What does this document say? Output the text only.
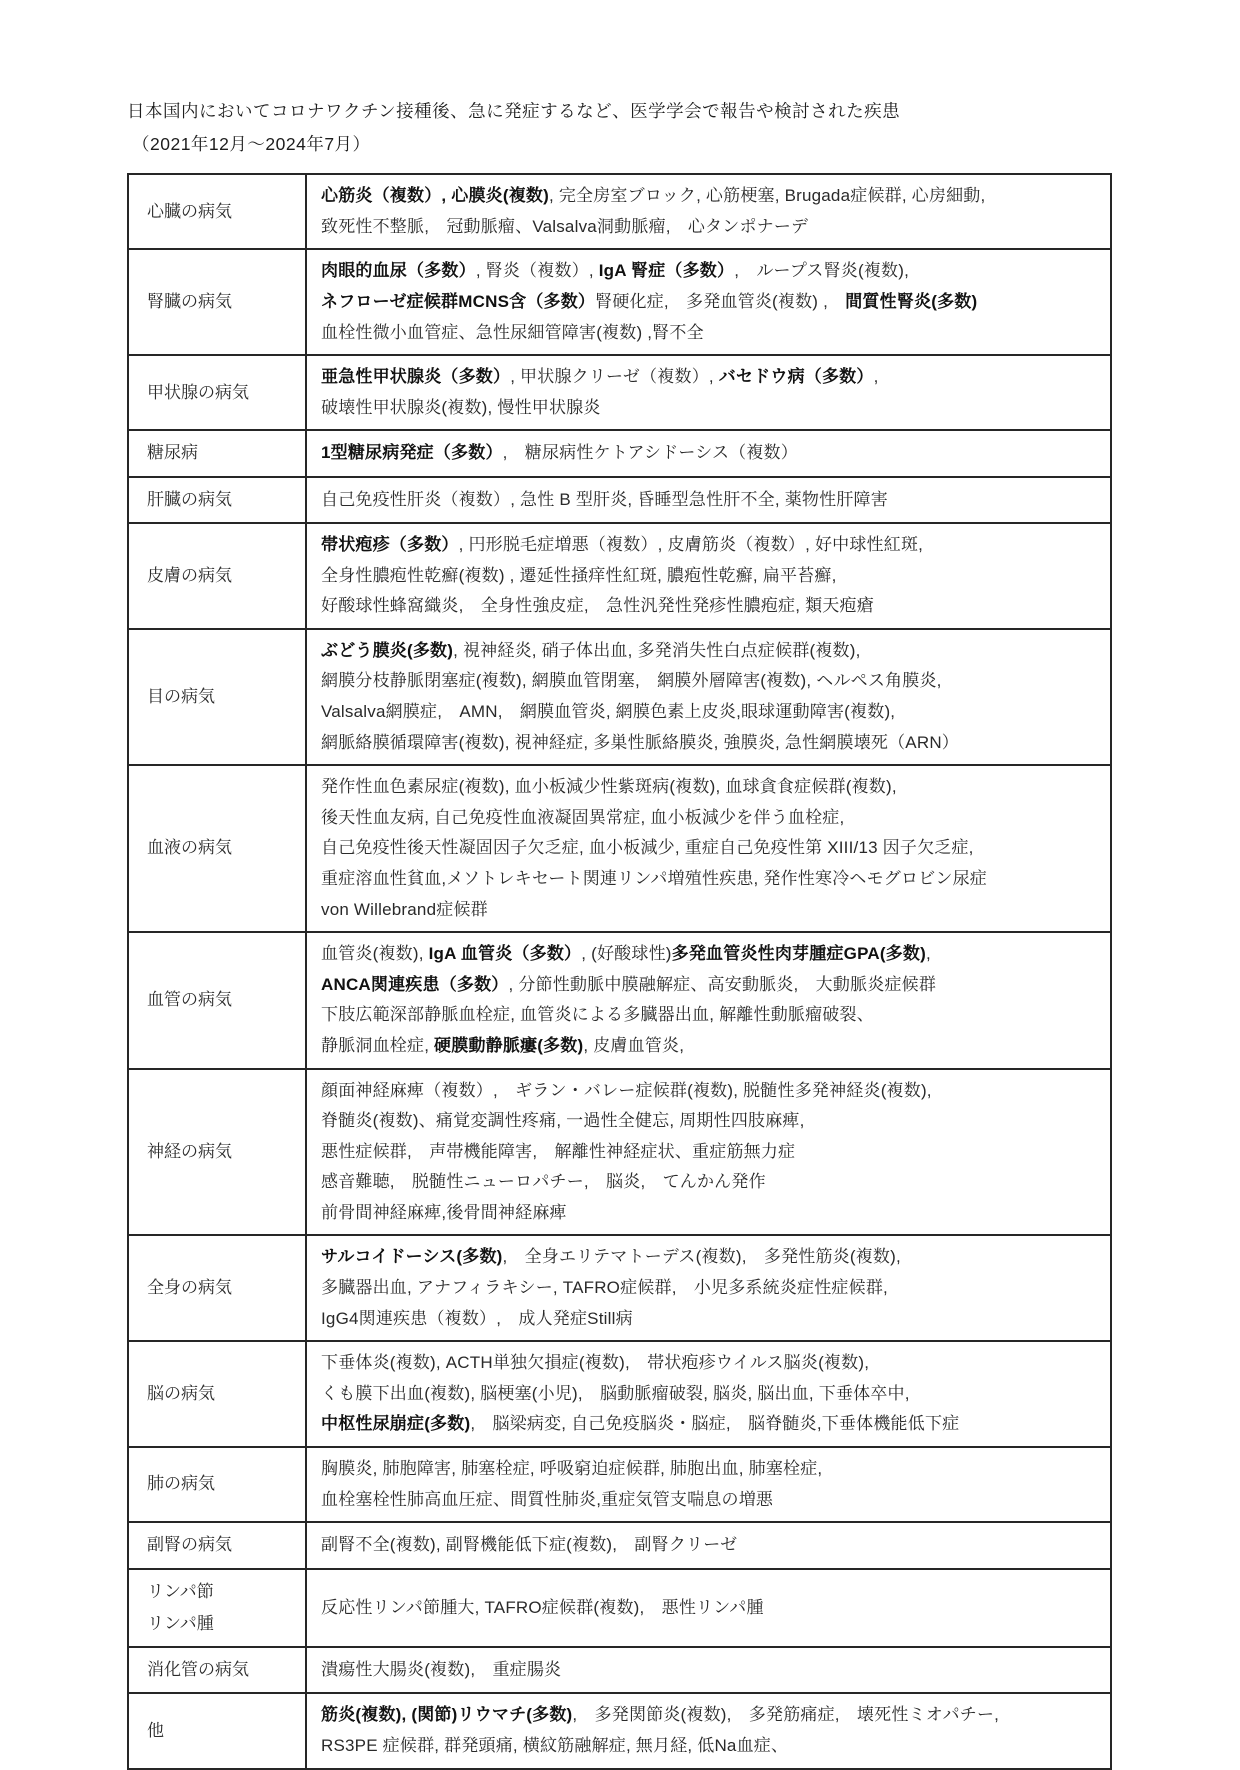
日本国内においてコロナワクチン接種後、急に発症するなど、医学学会で報告や検討された疾患
（2021年12月～2024年7月）
心臓の病気	心筋炎（複数）, 心膜炎(複数), 完全房室ブロック, 心筋梗塞, Brugada症候群, 心房細動,
致死性不整脈,　冠動脈瘤、Valsalva洞動脈瘤,　心タンポナーデ

腎臓の病気	肉眼的血尿（多数）, 腎炎（複数）, IgA 腎症（多数）,　ループス腎炎(複数),
ネフローゼ症候群MCNS含（多数）腎硬化症,　多発血管炎(複数) ,　間質性腎炎(多数)
血栓性微小血管症、急性尿細管障害(複数) ,腎不全

甲状腺の病気	亜急性甲状腺炎（多数）, 甲状腺クリーゼ（複数）, バセドウ病（多数）,
破壊性甲状腺炎(複数), 慢性甲状腺炎

糖尿病	1型糖尿病発症（多数）,　糖尿病性ケトアシドーシス（複数）

肝臓の病気	自己免疫性肝炎（複数）, 急性 B 型肝炎, 昏睡型急性肝不全, 薬物性肝障害

皮膚の病気	帯状疱疹（多数）, 円形脱毛症増悪（複数）, 皮膚筋炎（複数）, 好中球性紅斑,
全身性膿疱性乾癬(複数) , 遷延性掻痒性紅斑, 膿疱性乾癬, 扁平苔癬,
好酸球性蜂窩織炎,　全身性強皮症,　急性汎発性発疹性膿疱症, 類天疱瘡

目の病気	ぶどう膜炎(多数), 視神経炎, 硝子体出血, 多発消失性白点症候群(複数),
網膜分枝静脈閉塞症(複数), 網膜血管閉塞,　網膜外層障害(複数), ヘルペス角膜炎,
Valsalva網膜症,　AMN,　網膜血管炎, 網膜色素上皮炎,眼球運動障害(複数),
網脈絡膜循環障害(複数), 視神経症, 多巣性脈絡膜炎, 強膜炎, 急性網膜壊死（ARN）

血液の病気	発作性血色素尿症(複数), 血小板減少性紫斑病(複数), 血球貪食症候群(複数),
後天性血友病, 自己免疫性血液凝固異常症, 血小板減少を伴う血栓症,
自己免疫性後天性凝固因子欠乏症, 血小板減少, 重症自己免疫性第 XIII/13 因子欠乏症,
重症溶血性貧血,メソトレキセート関連リンパ増殖性疾患, 発作性寒冷ヘモグロビン尿症
von Willebrand症候群

血管の病気	血管炎(複数), IgA 血管炎（多数）, (好酸球性)多発血管炎性肉芽腫症GPA(多数),
ANCA関連疾患（多数）, 分節性動脈中膜融解症、高安動脈炎,　大動脈炎症候群
下肢広範深部静脈血栓症, 血管炎による多臓器出血, 解離性動脈瘤破裂、
静脈洞血栓症, 硬膜動静脈瘻(多数), 皮膚血管炎,

神経の病気	顔面神経麻痺（複数）,　ギラン・バレー症候群(複数), 脱髄性多発神経炎(複数),
脊髄炎(複数)、痛覚変調性疼痛, 一過性全健忘, 周期性四肢麻痺,
悪性症候群,　声帯機能障害,　解離性神経症状、重症筋無力症
感音難聴,　脱髄性ニューロパチー,　脳炎,　てんかん発作
前骨間神経麻痺,後骨間神経麻痺

全身の病気	サルコイドーシス(多数),　全身エリテマトーデス(複数),　多発性筋炎(複数),
多臓器出血, アナフィラキシー, TAFRO症候群,　小児多系統炎症性症候群,
IgG4関連疾患（複数）,　成人発症Still病

脳の病気	下垂体炎(複数), ACTH単独欠損症(複数),　帯状疱疹ウイルス脳炎(複数),
くも膜下出血(複数), 脳梗塞(小児),　脳動脈瘤破裂, 脳炎, 脳出血, 下垂体卒中,
中枢性尿崩症(多数),　脳梁病変, 自己免疫脳炎・脳症,　脳脊髄炎,下垂体機能低下症

肺の病気	胸膜炎, 肺胞障害, 肺塞栓症, 呼吸窮迫症候群, 肺胞出血, 肺塞栓症,
血栓塞栓性肺高血圧症、間質性肺炎,重症気管支喘息の増悪

副腎の病気	副腎不全(複数), 副腎機能低下症(複数),　副腎クリーゼ

リンパ節
リンパ腫	反応性リンパ節腫大, TAFRO症候群(複数),　悪性リンパ腫

消化管の病気	潰瘍性大腸炎(複数),　重症腸炎

他	筋炎(複数), (関節)リウマチ(多数),　多発関節炎(複数),　多発筋痛症,　壊死性ミオパチー,
RS3PE 症候群, 群発頭痛, 横紋筋融解症, 無月経, 低Na血症、
